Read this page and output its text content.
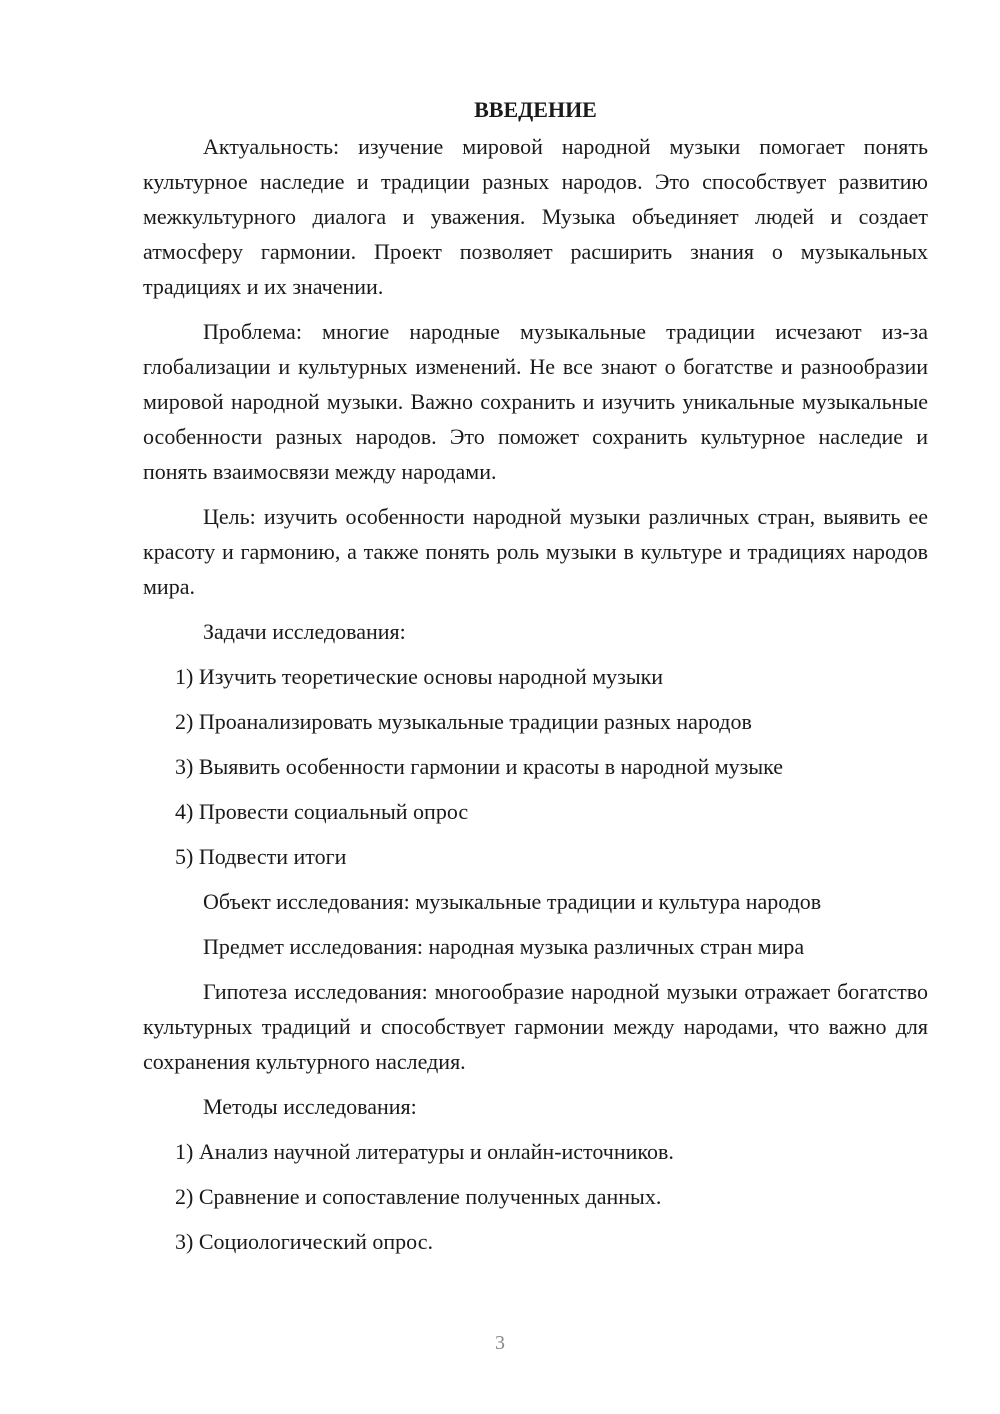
ВВЕДЕНИЕ

Актуальность: изучение мировой народной музыки помогает понять культурное наследие и традиции разных народов. Это способствует развитию межкультурного диалога и уважения. Музыка объединяет людей и создает атмосферу гармонии. Проект позволяет расширить знания о музыкальных традициях и их значении.

Проблема: многие народные музыкальные традиции исчезают из-за глобализации и культурных изменений. Не все знают о богатстве и разнообразии мировой народной музыки. Важно сохранить и изучить уникальные музыкальные особенности разных народов. Это поможет сохранить культурное наследие и понять взаимосвязи между народами.

Цель: изучить особенности народной музыки различных стран, выявить ее красоту и гармонию, а также понять роль музыки в культуре и традициях народов мира.

Задачи исследования:

1) Изучить теоретические основы народной музыки
2) Проанализировать музыкальные традиции разных народов
3) Выявить особенности гармонии и красоты в народной музыке
4) Провести социальный опрос
5) Подвести итоги

Объект исследования: музыкальные традиции и культура народов

Предмет исследования: народная музыка различных стран мира

Гипотеза исследования: многообразие народной музыки отражает богатство культурных традиций и способствует гармонии между народами, что важно для сохранения культурного наследия.

Методы исследования:

1) Анализ научной литературы и онлайн-источников.
2) Сравнение и сопоставление полученных данных.
3) Социологический опрос.
3
